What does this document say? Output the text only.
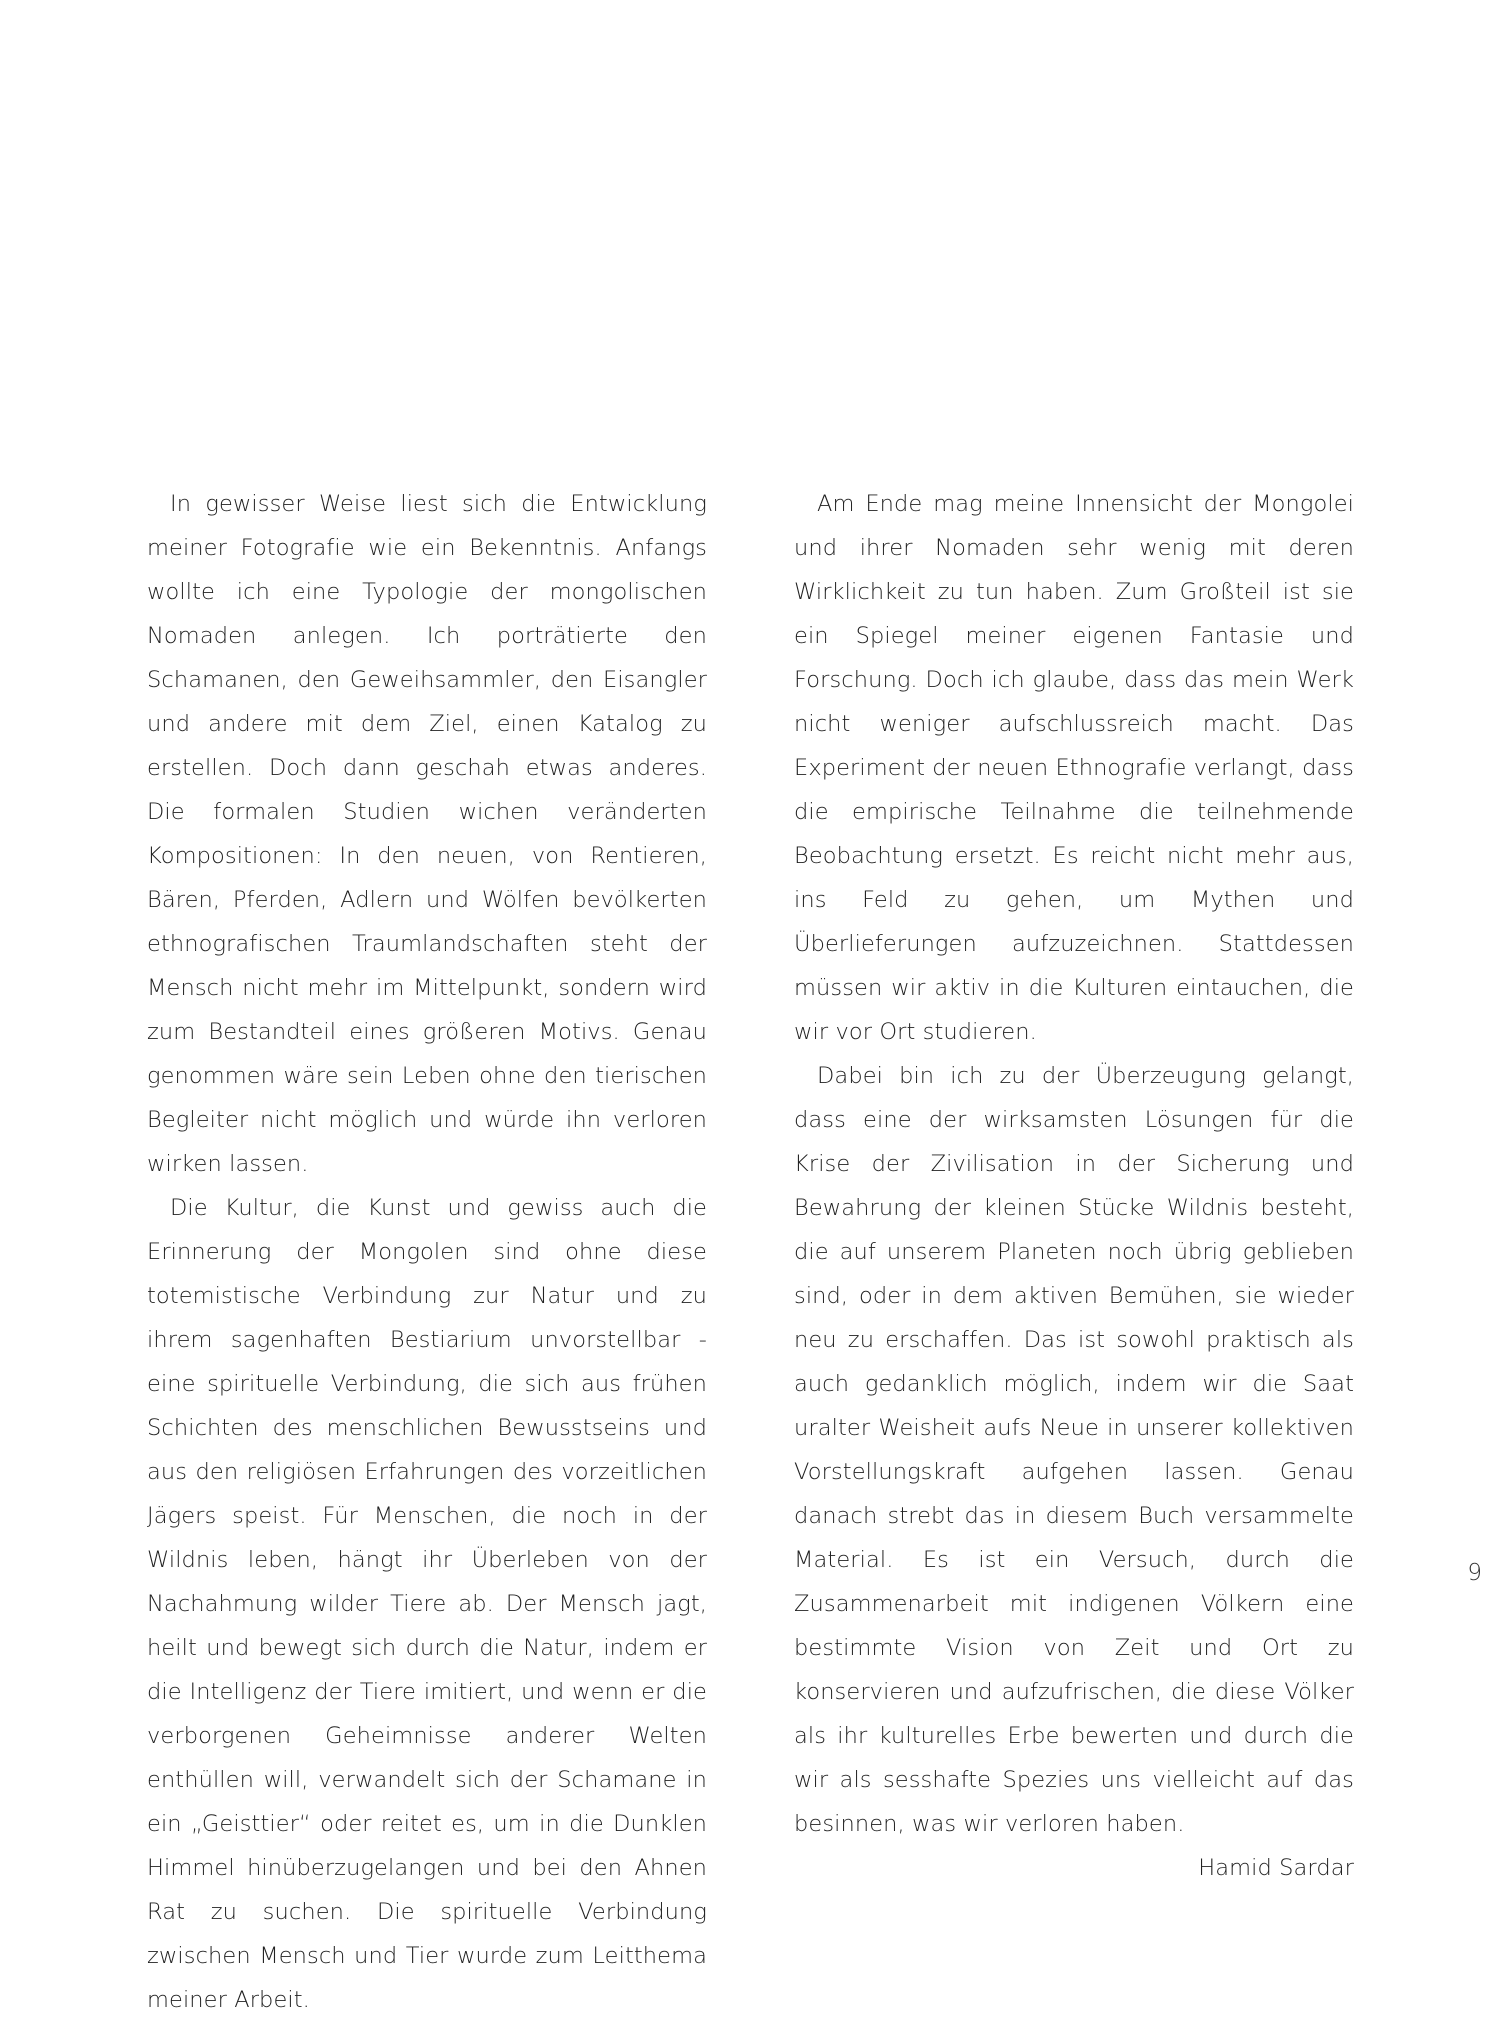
In gewisser Weise liest sich die Entwicklung meiner Fotografie wie ein Bekenntnis. Anfangs wollte ich eine Typologie der mongolischen Nomaden anlegen. Ich porträtierte den Schamanen, den Geweihsammler, den Eisangler und andere mit dem Ziel, einen Katalog zu erstellen. Doch dann geschah etwas anderes. Die formalen Studien wichen veränderten Kompositionen: In den neuen, von Rentieren, Bären, Pferden, Adlern und Wölfen bevölkerten ethnografischen Traumlandschaften steht der Mensch nicht mehr im Mittelpunkt, sondern wird zum Bestandteil eines größeren Motivs. Genau genommen wäre sein Leben ohne den tierischen Begleiter nicht möglich und würde ihn verloren wirken lassen.

Die Kultur, die Kunst und gewiss auch die Erinnerung der Mongolen sind ohne diese totemistische Verbindung zur Natur und zu ihrem sagenhaften Bestiarium unvorstellbar - eine spirituelle Verbindung, die sich aus frühen Schichten des menschlichen Bewusstseins und aus den religiösen Erfahrungen des vorzeitlichen Jägers speist. Für Menschen, die noch in der Wildnis leben, hängt ihr Überleben von der Nachahmung wilder Tiere ab. Der Mensch jagt, heilt und bewegt sich durch die Natur, indem er die Intelligenz der Tiere imitiert, und wenn er die verborgenen Geheimnisse anderer Welten enthüllen will, verwandelt sich der Schamane in ein „Geisttier“ oder reitet es, um in die Dunklen Himmel hinüberzugelangen und bei den Ahnen Rat zu suchen. Die spirituelle Verbindung zwischen Mensch und Tier wurde zum Leitthema meiner Arbeit.

Am Ende mag meine Innensicht der Mongolei und ihrer Nomaden sehr wenig mit deren Wirklichkeit zu tun haben. Zum Großteil ist sie ein Spiegel meiner eigenen Fantasie und Forschung. Doch ich glaube, dass das mein Werk nicht weniger aufschlussreich macht. Das Experiment der neuen Ethnografie verlangt, dass die empirische Teilnahme die teilnehmende Beobachtung ersetzt. Es reicht nicht mehr aus, ins Feld zu gehen, um Mythen und Überlieferungen aufzuzeichnen. Stattdessen müssen wir aktiv in die Kulturen eintauchen, die wir vor Ort studieren.

Dabei bin ich zu der Überzeugung gelangt, dass eine der wirksamsten Lösungen für die Krise der Zivilisation in der Sicherung und Bewahrung der kleinen Stücke Wildnis besteht, die auf unserem Planeten noch übrig geblieben sind, oder in dem aktiven Bemühen, sie wieder neu zu erschaffen. Das ist sowohl praktisch als auch gedanklich möglich, indem wir die Saat uralter Weisheit aufs Neue in unserer kollektiven Vorstellungskraft aufgehen lassen. Genau danach strebt das in diesem Buch versammelte Material. Es ist ein Versuch, durch die Zusammenarbeit mit indigenen Völkern eine bestimmte Vision von Zeit und Ort zu konservieren und aufzufrischen, die diese Völker als ihr kulturelles Erbe bewerten und durch die wir als sesshafte Spezies uns vielleicht auf das besinnen, was wir verloren haben.

Hamid Sardar

9
